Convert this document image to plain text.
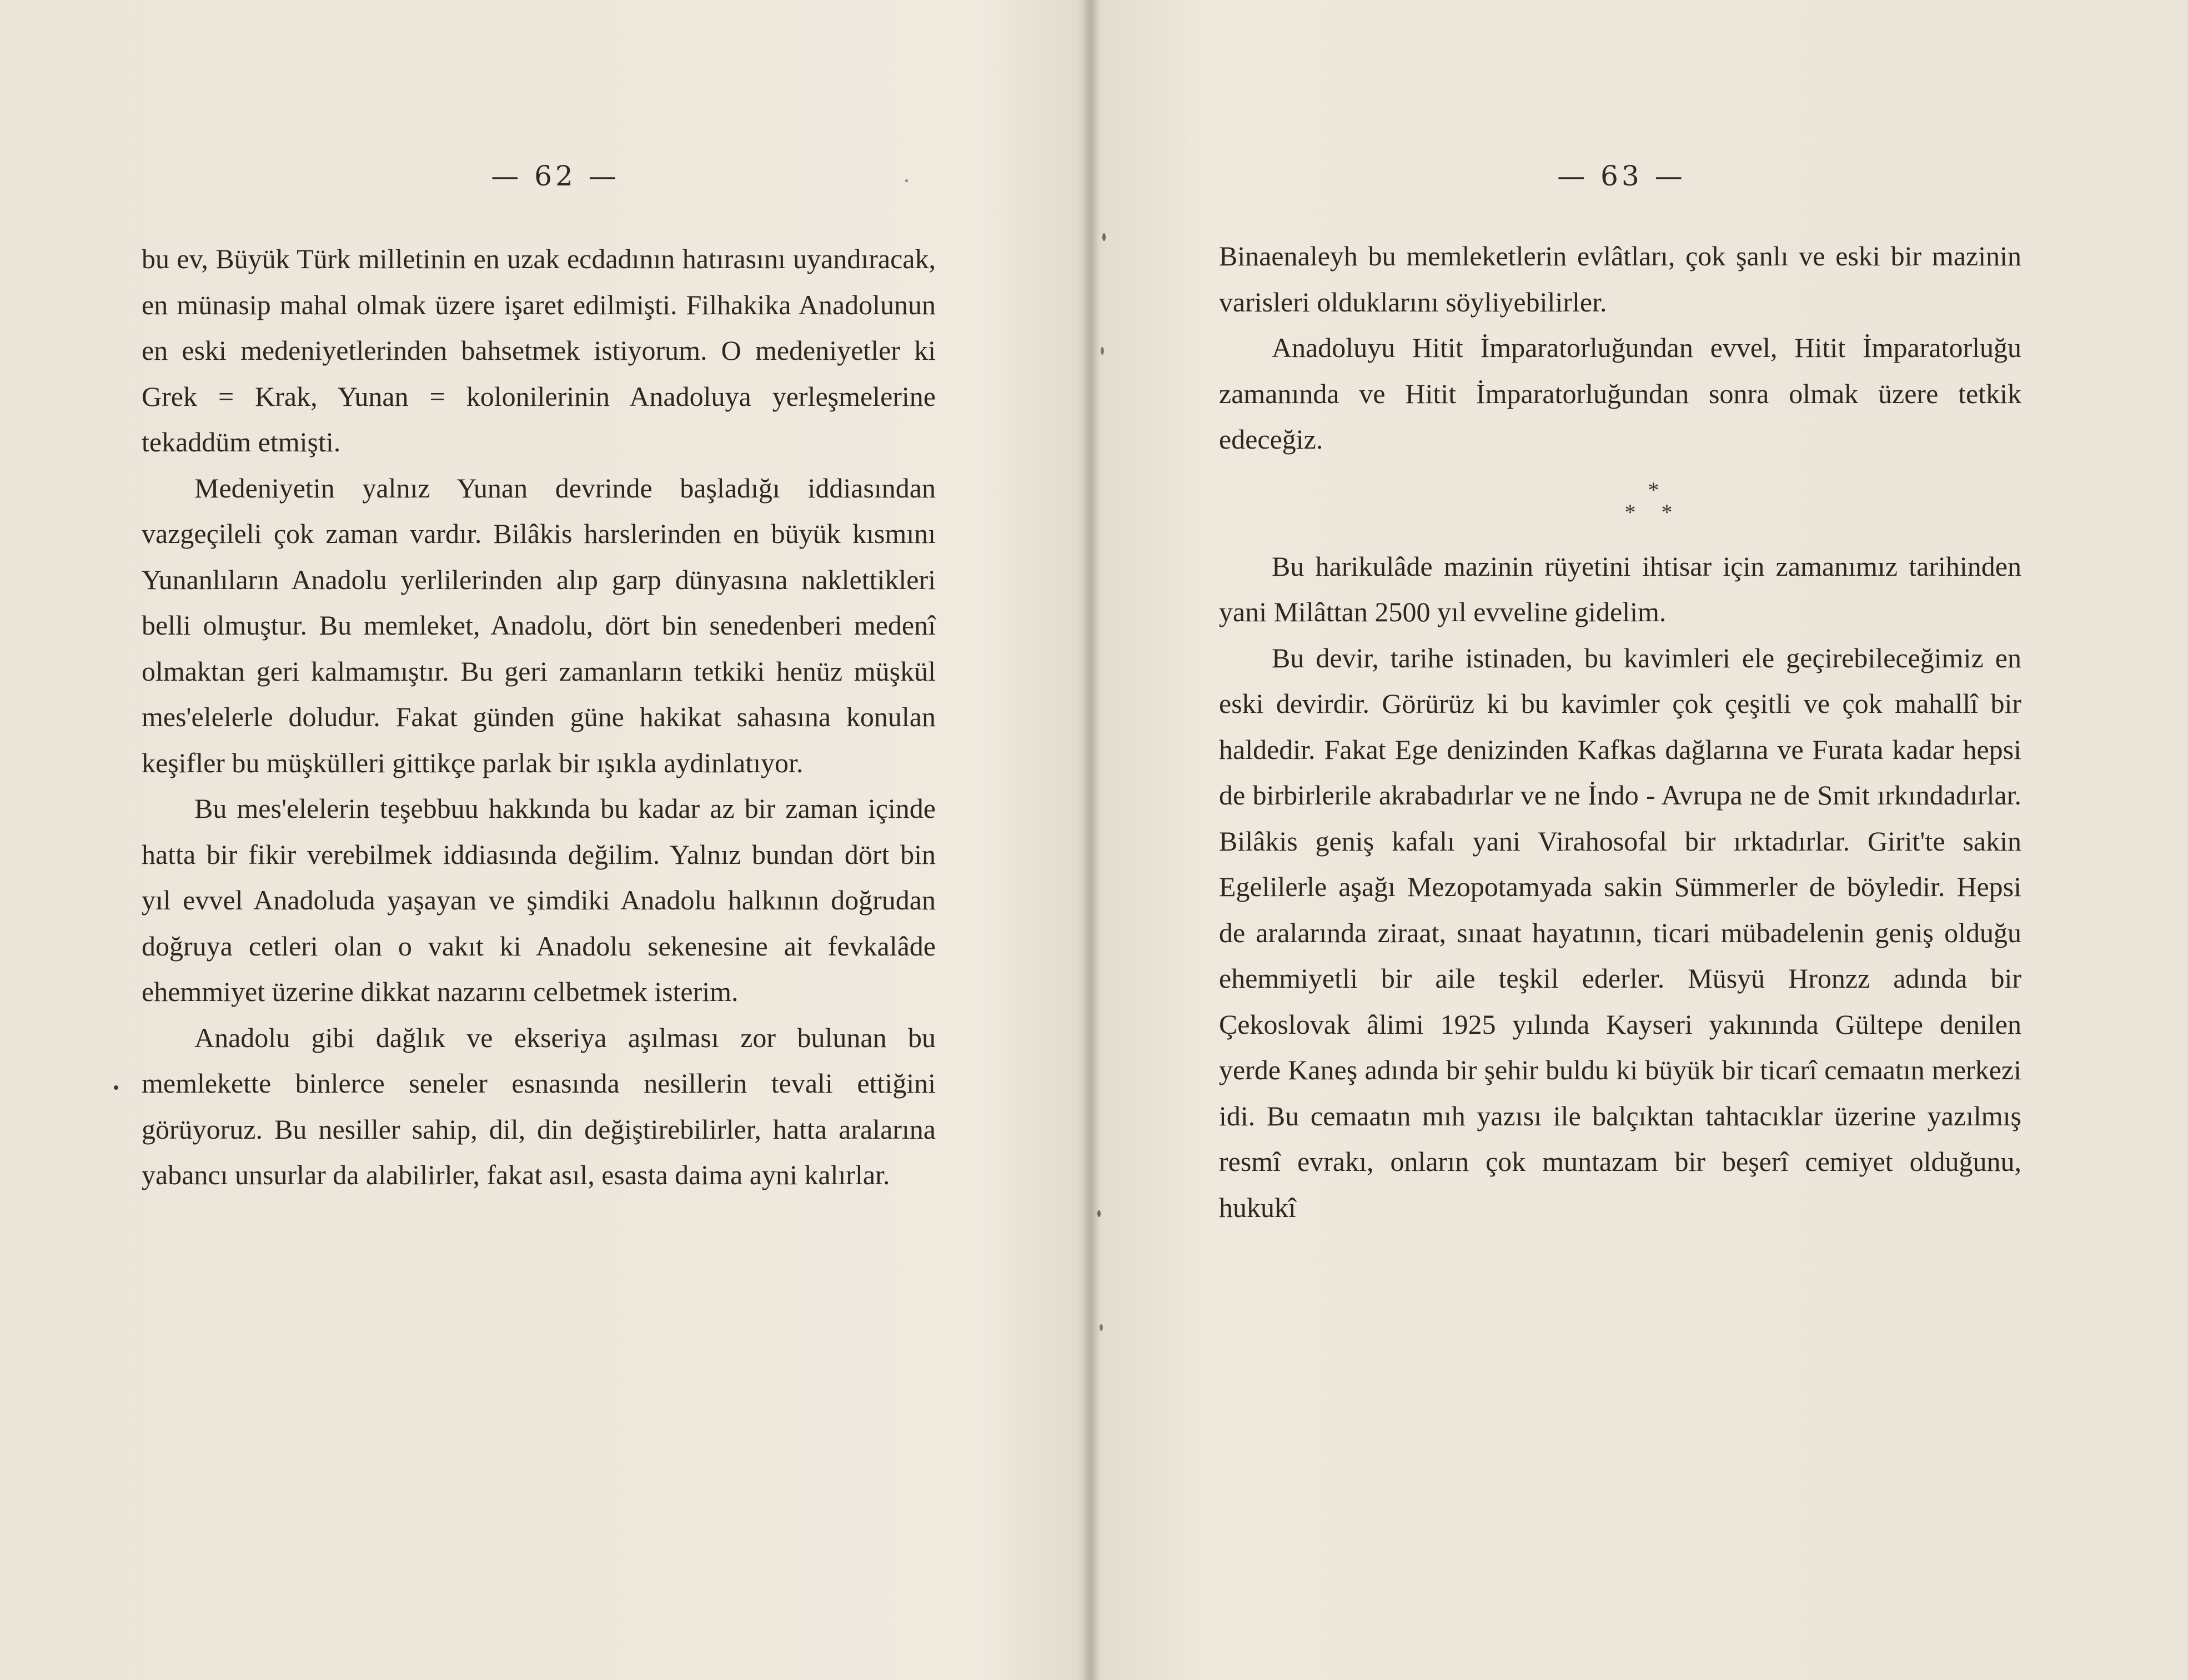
— 62 —

bu ev, Büyük Türk milletinin en uzak ecdadının hatırasını uyandıracak, en münasip mahal olmak üzere işaret edilmişti. Filhakika Anadolunun en eski medeniyetlerinden bahsetmek istiyorum. O medeniyetler ki Grek = Krak, Yunan = kolonilerinin Anadoluya yerleşmelerine tekaddüm etmişti.

Medeniyetin yalnız Yunan devrinde başladığı iddiasından vazgeçileli çok zaman vardır. Bilâkis harslerinden en büyük kısmını Yunanlıların Anadolu yerlilerinden alıp garp dünyasına naklettikleri belli olmuştur. Bu memleket, Anadolu, dört bin senedenberi medenî olmaktan geri kalmamıştır. Bu geri zamanların tetkiki henüz müşkül mes'elelerle doludur. Fakat günden güne hakikat sahasına konulan keşifler bu müşkülleri gittikçe parlak bir ışıkla aydinlatıyor.

Bu mes'elelerin teşebbuu hakkında bu kadar az bir zaman içinde hatta bir fikir verebilmek iddiasında değilim. Yalnız bundan dört bin yıl evvel Anadoluda yaşayan ve şimdiki Anadolu halkının doğrudan doğruya cetleri olan o vakıt ki Anadolu sekenesine ait fevkalâde ehemmiyet üzerine dikkat nazarını celbetmek isterim.

Anadolu gibi dağlık ve ekseriya aşılması zor bulunan bu memlekette binlerce seneler esnasında nesillerin tevali ettiğini görüyoruz. Bu nesiller sahip, dil, din değiştirebilirler, hatta aralarına yabancı unsurlar da alabilirler, fakat asıl, esasta daima ayni kalırlar.

— 63 —

Binaenaleyh bu memleketlerin evlâtları, çok şanlı ve eski bir mazinin varisleri olduklarını söyliyebilirler.

Anadoluyu Hitit İmparatorluğundan evvel, Hitit İmparatorluğu zamanında ve Hitit İmparatorluğundan sonra olmak üzere tetkik edeceğiz.

*
* *

Bu harikulâde mazinin rüyetini ihtisar için zamanımız tarihinden yani Milâttan 2500 yıl evveline gidelim.

Bu devir, tarihe istinaden, bu kavimleri ele geçirebileceğimiz en eski devirdir. Görürüz ki bu kavimler çok çeşitli ve çok mahallî bir haldedir. Fakat Ege denizinden Kafkas dağlarına ve Furata kadar hepsi de birbirlerile akrabadırlar ve ne İndo - Avrupa ne de Smit ırkındadırlar. Bilâkis geniş kafalı yani Virahosofal bir ırktadırlar. Girit'te sakin Egelilerle aşağı Mezopotamyada sakin Sümmerler de böyledir. Hepsi de aralarında ziraat, sınaat hayatının, ticari mübadelenin geniş olduğu ehemmiyetli bir aile teşkil ederler. Müsyü Hronzz adında bir Çekoslovak âlimi 1925 yılında Kayseri yakınında Gültepe denilen yerde Kaneş adında bir şehir buldu ki büyük bir ticarî cemaatın merkezi idi. Bu cemaatın mıh yazısı ile balçıktan tahtacıklar üzerine yazılmış resmî evrakı, onların çok muntazam bir beşerî cemiyet olduğunu, hukukî
